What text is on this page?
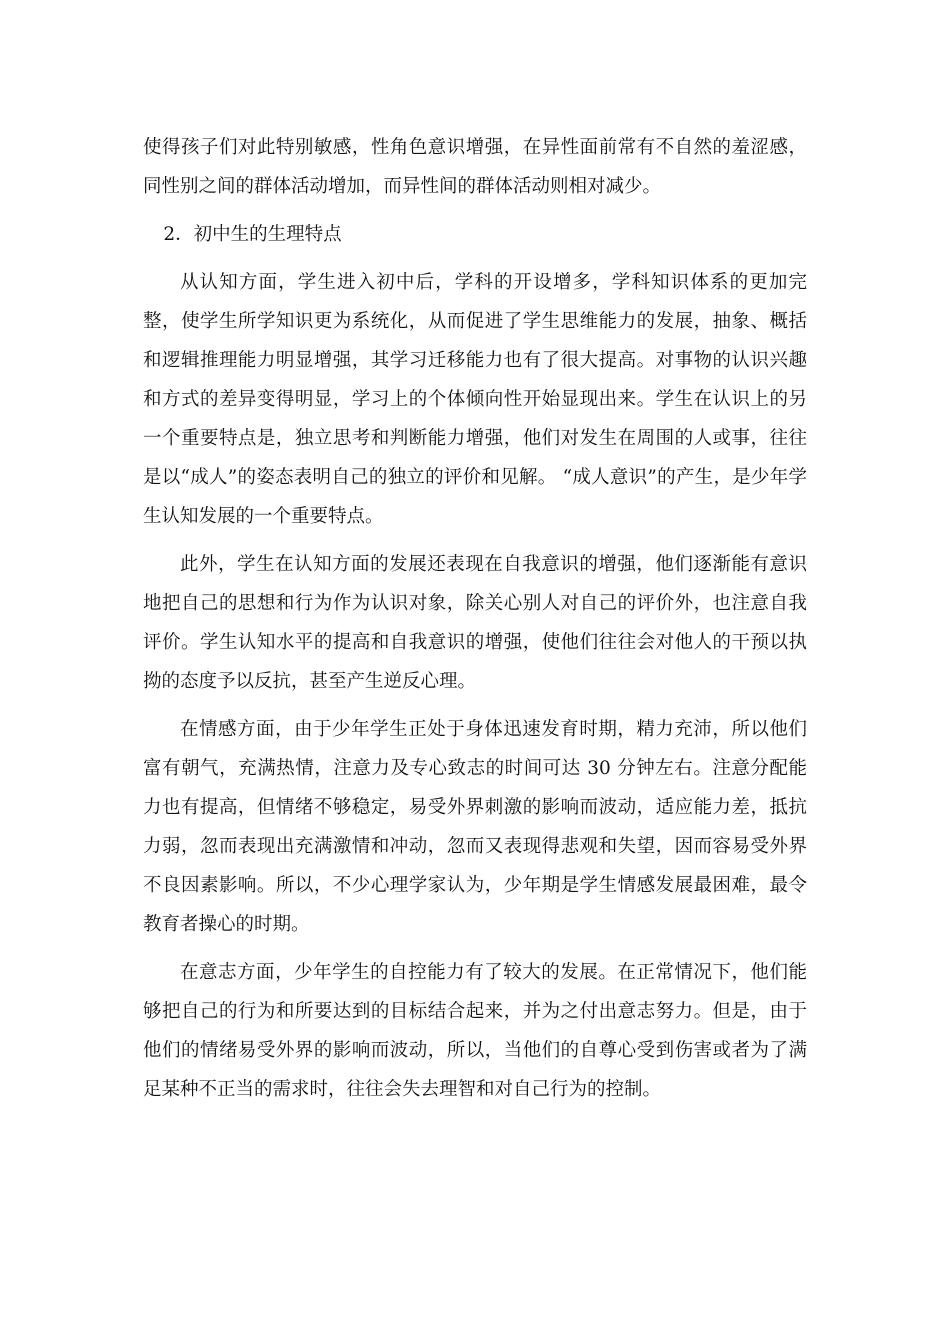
使得孩子们对此特别敏感，性角色意识增强，在异性面前常有不自然的羞涩感，同性别之间的群体活动增加，而异性间的群体活动则相对减少。

2．初中生的生理特点

从认知方面，学生进入初中后，学科的开设增多，学科知识体系的更加完整，使学生所学知识更为系统化，从而促进了学生思维能力的发展，抽象、概括和逻辑推理能力明显增强，其学习迁移能力也有了很大提高。对事物的认识兴趣和方式的差异变得明显，学习上的个体倾向性开始显现出来。学生在认识上的另一个重要特点是，独立思考和判断能力增强，他们对发生在周围的人或事，往往是以“成人”的姿态表明自己的独立的评价和见解。 “成人意识”的产生，是少年学生认知发展的一个重要特点。

此外，学生在认知方面的发展还表现在自我意识的增强，他们逐渐能有意识地把自己的思想和行为作为认识对象，除关心别人对自己的评价外，也注意自我评价。学生认知水平的提高和自我意识的增强，使他们往往会对他人的干预以执拗的态度予以反抗，甚至产生逆反心理。

在情感方面，由于少年学生正处于身体迅速发育时期，精力充沛，所以他们富有朝气，充满热情，注意力及专心致志的时间可达 30 分钟左右。注意分配能力也有提高，但情绪不够稳定，易受外界刺激的影响而波动，适应能力差，抵抗力弱，忽而表现出充满激情和冲动，忽而又表现得悲观和失望，因而容易受外界不良因素影响。所以，不少心理学家认为，少年期是学生情感发展最困难，最令教育者操心的时期。

在意志方面，少年学生的自控能力有了较大的发展。在正常情况下，他们能够把自己的行为和所要达到的目标结合起来，并为之付出意志努力。但是，由于他们的情绪易受外界的影响而波动，所以，当他们的自尊心受到伤害或者为了满足某种不正当的需求时，往往会失去理智和对自己行为的控制。
